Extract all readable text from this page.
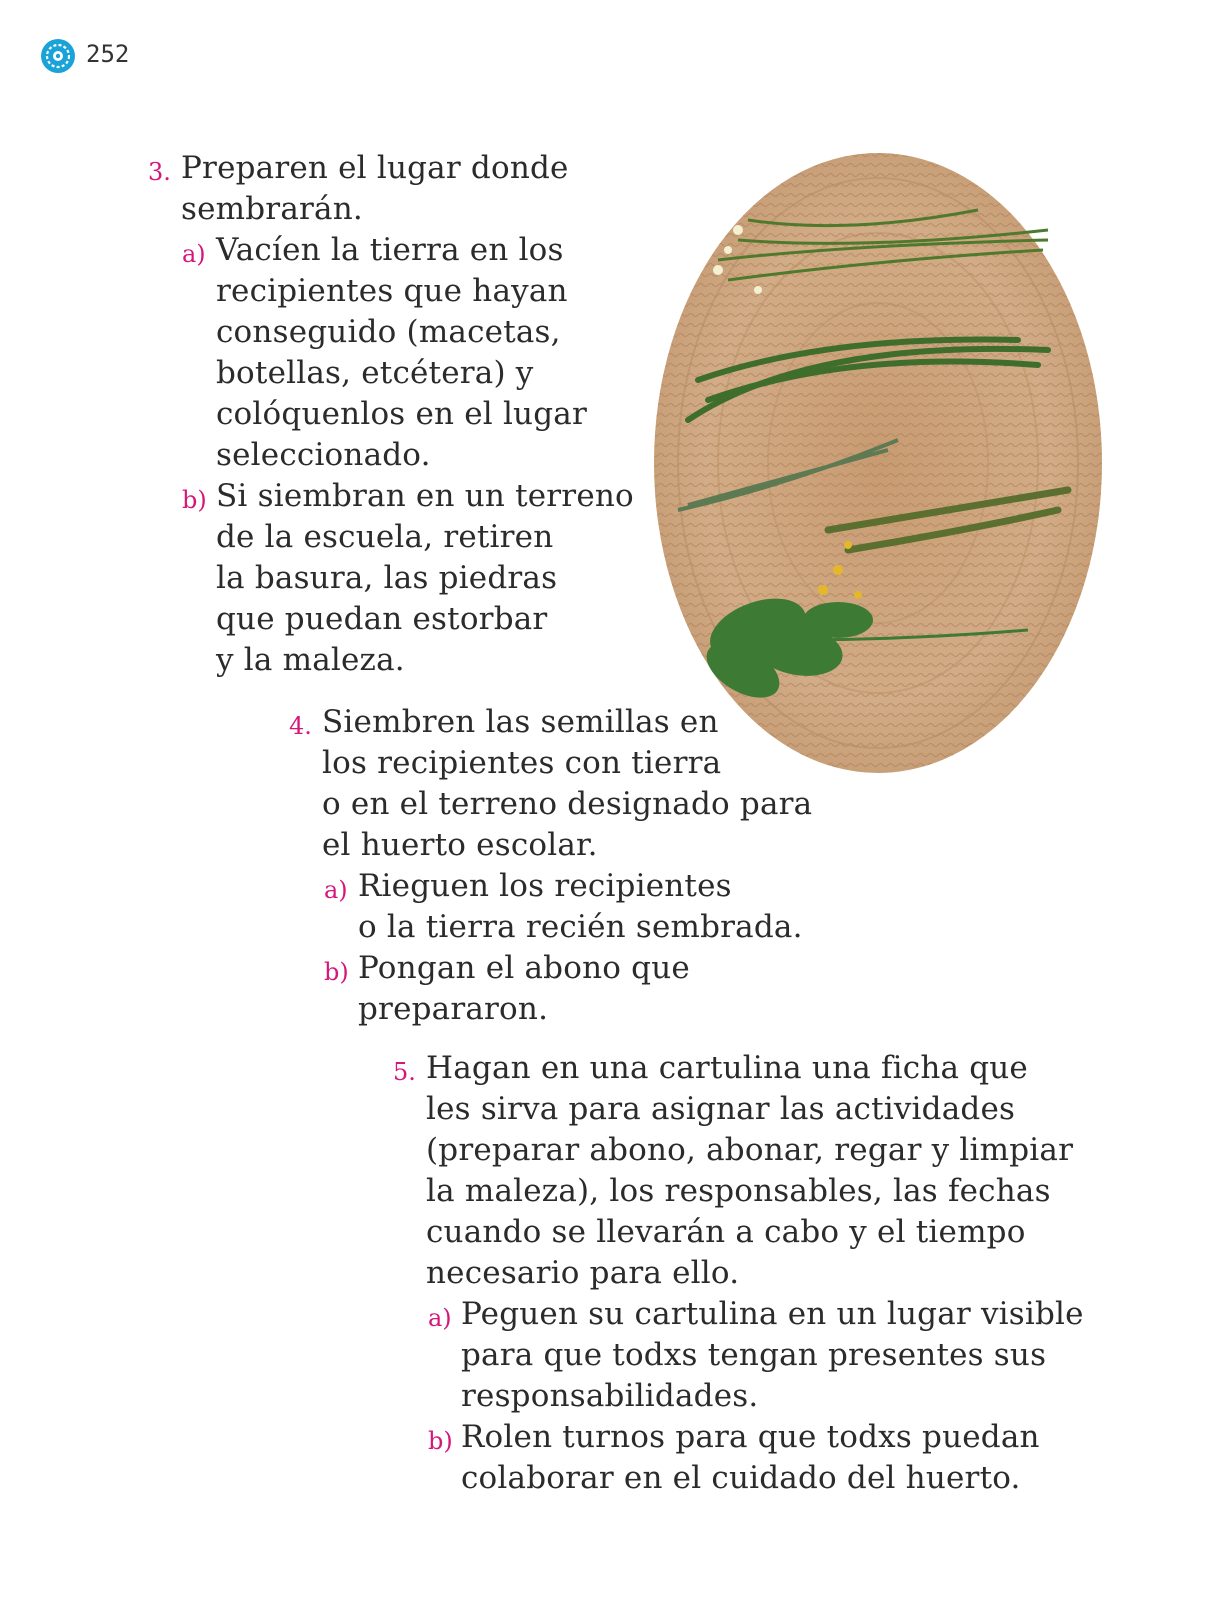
252
3. Preparen el lugar donde
sembrarán.
a) Vacíen la tierra en los
recipientes que hayan
conseguido (macetas,
botellas, etcétera) y
colóquenlos en el lugar
seleccionado.
b) Si siembran en un terreno
de la escuela, retiren
la basura, las piedras
que puedan estorbar
y la maleza.
4. Siembren las semillas en
los recipientes con tierra
o en el terreno designado para
el huerto escolar.
a) Rieguen los recipientes
o la tierra recién sembrada.
b) Pongan el abono que
prepararon.
5. Hagan en una cartulina una ficha que
les sirva para asignar las actividades
(preparar abono, abonar, regar y limpiar
la maleza), los responsables, las fechas
cuando se llevarán a cabo y el tiempo
necesario para ello.
a) Peguen su cartulina en un lugar visible
para que todxs tengan presentes sus
responsabilidades.
b) Rolen turnos para que todxs puedan
colaborar en el cuidado del huerto.
